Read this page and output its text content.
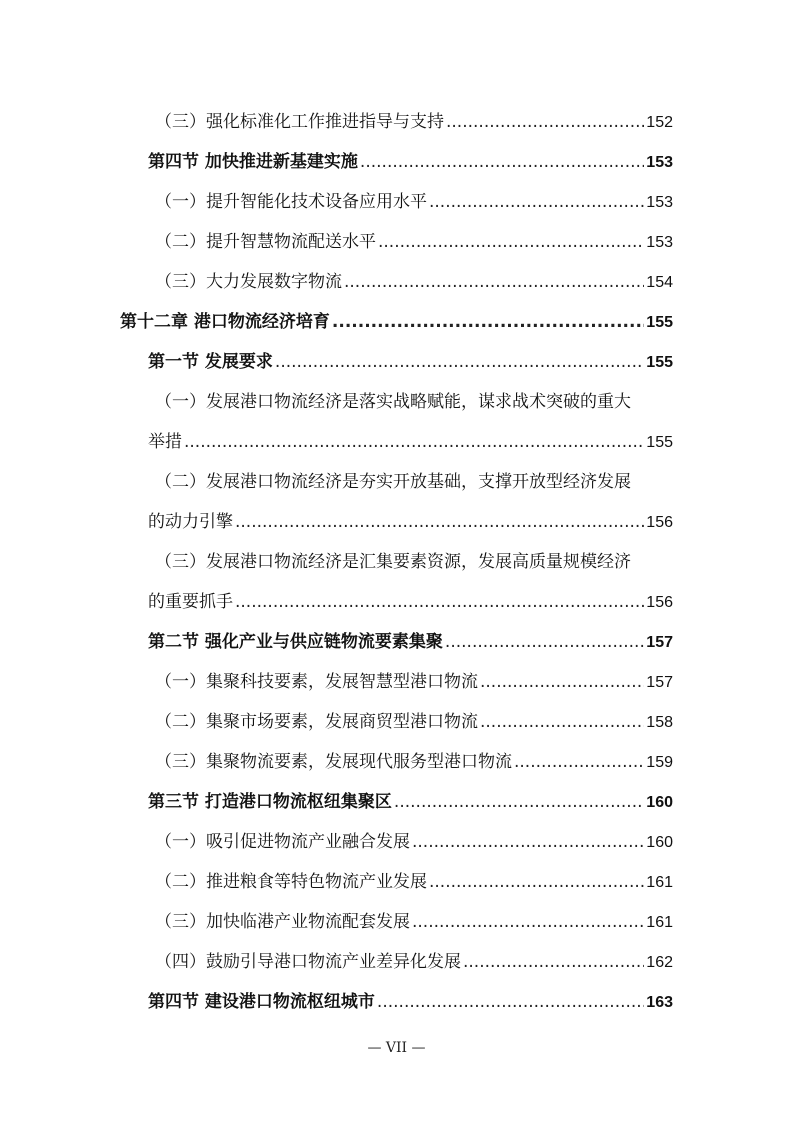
（三）强化标准化工作推进指导与支持 .....	152
第四节 加快推进新基建实施 .....	153
（一）提升智能化技术设备应用水平 .....	153
（二）提升智慧物流配送水平 .....	153
（三）大力发展数字物流 .....	154
第十二章 港口物流经济培育 .....	155
第一节 发展要求 .....	155
（一）发展港口物流经济是落实战略赋能，谋求战术突破的重大
举措 .....	155
（二）发展港口物流经济是夯实开放基础，支撑开放型经济发展
的动力引擎 .....	156
（三）发展港口物流经济是汇集要素资源，发展高质量规模经济
的重要抓手 .....	156
第二节 强化产业与供应链物流要素集聚 .....	157
（一）集聚科技要素，发展智慧型港口物流 .....	157
（二）集聚市场要素，发展商贸型港口物流 .....	158
（三）集聚物流要素，发展现代服务型港口物流 .....	159
第三节 打造港口物流枢纽集聚区 .....	160
（一）吸引促进物流产业融合发展 .....	160
（二）推进粮食等特色物流产业发展 .....	161
（三）加快临港产业物流配套发展 .....	161
（四）鼓励引导港口物流产业差异化发展 .....	162
第四节 建设港口物流枢纽城市 .....	163
— VII —
